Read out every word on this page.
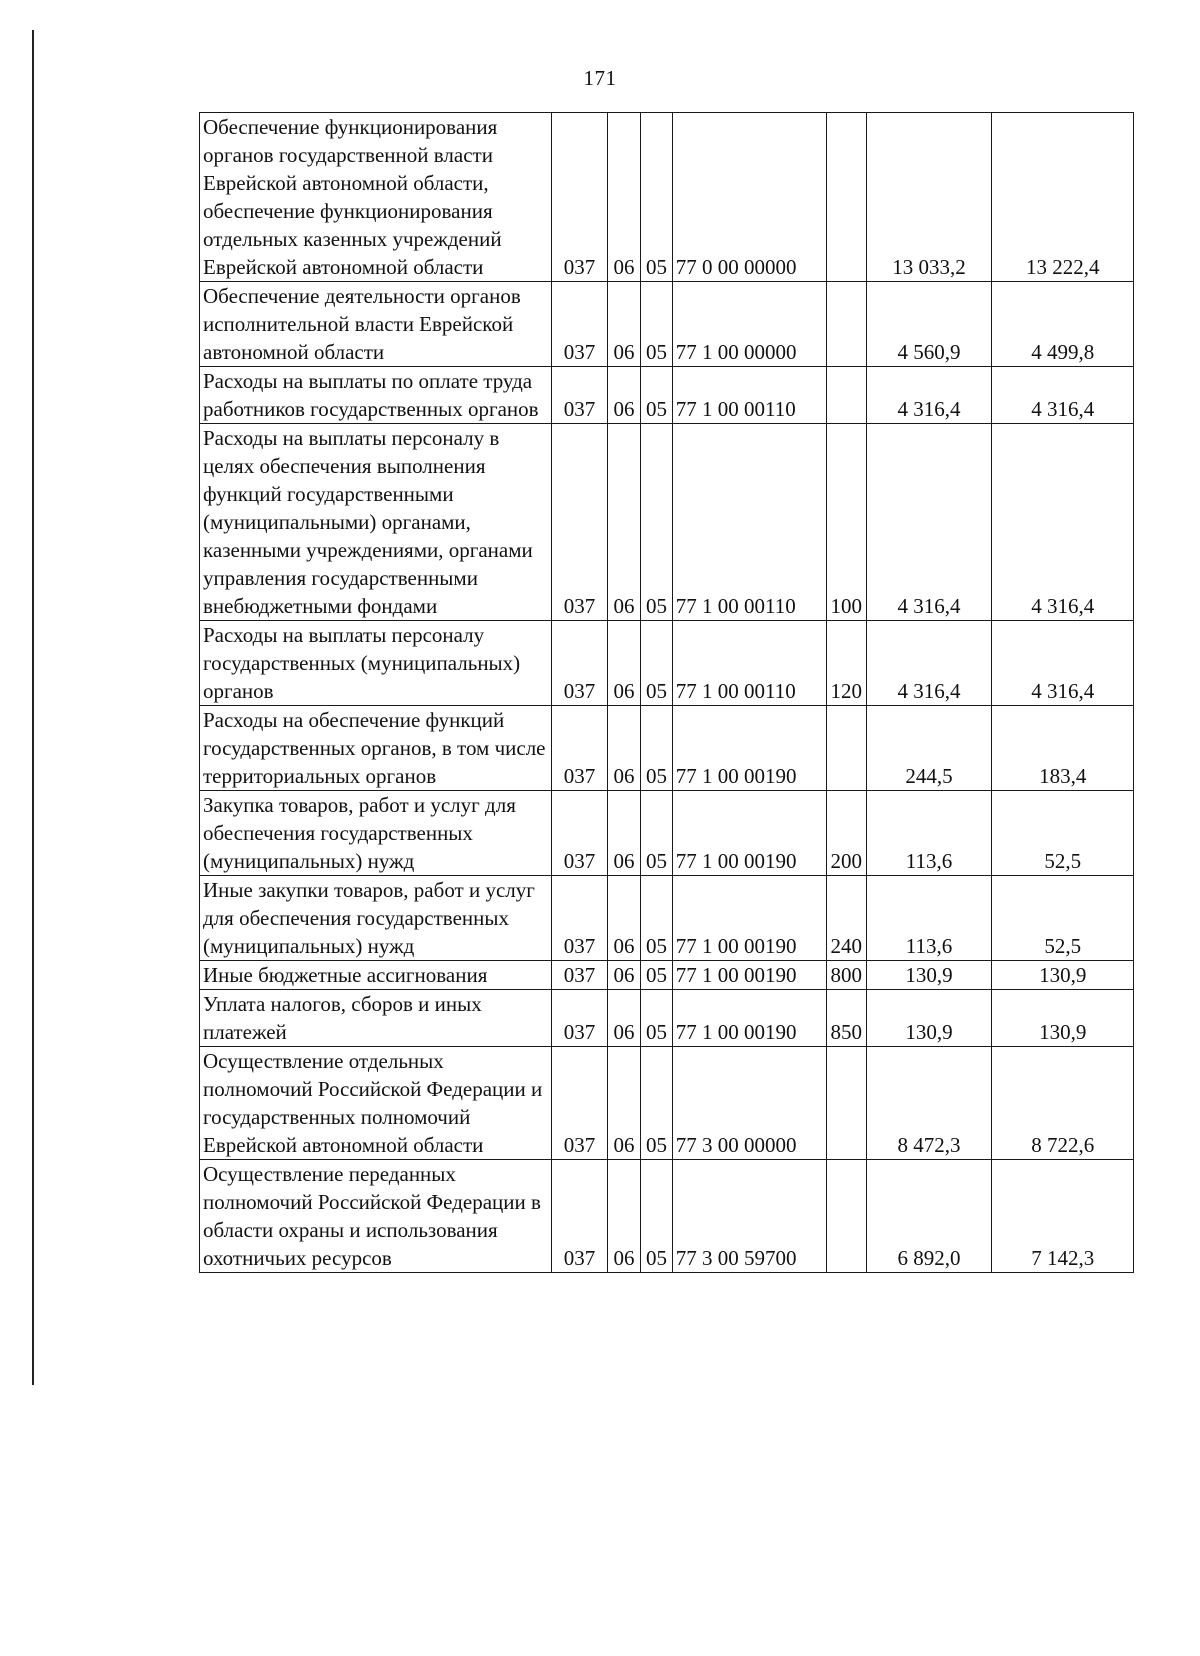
171
Обеспечение функционирования органов государственной власти Еврейской автономной области, обеспечение функционирования отдельных казенных учреждений Еврейской автономной области	037	06	05	77 0 00 00000		13 033,2	13 222,4
Обеспечение деятельности органов исполнительной власти Еврейской автономной области	037	06	05	77 1 00 00000		4 560,9	4 499,8
Расходы на выплаты по оплате труда работников государственных органов	037	06	05	77 1 00 00110		4 316,4	4 316,4
Расходы на выплаты персоналу в целях обеспечения выполнения функций государственными (муниципальными) органами, казенными учреждениями, органами управления государственными внебюджетными фондами	037	06	05	77 1 00 00110	100	4 316,4	4 316,4
Расходы на выплаты персоналу государственных (муниципальных) органов	037	06	05	77 1 00 00110	120	4 316,4	4 316,4
Расходы на обеспечение функций государственных органов, в том числе территориальных органов	037	06	05	77 1 00 00190		244,5	183,4
Закупка товаров, работ и услуг для обеспечения государственных (муниципальных) нужд	037	06	05	77 1 00 00190	200	113,6	52,5
Иные закупки товаров, работ и услуг для обеспечения государственных (муниципальных) нужд	037	06	05	77 1 00 00190	240	113,6	52,5
Иные бюджетные ассигнования	037	06	05	77 1 00 00190	800	130,9	130,9
Уплата налогов, сборов и иных платежей	037	06	05	77 1 00 00190	850	130,9	130,9
Осуществление отдельных полномочий Российской Федерации и государственных полномочий Еврейской автономной области	037	06	05	77 3 00 00000		8 472,3	8 722,6
Осуществление переданных полномочий Российской Федерации в области охраны и использования охотничьих ресурсов	037	06	05	77 3 00 59700		6 892,0	7 142,3
